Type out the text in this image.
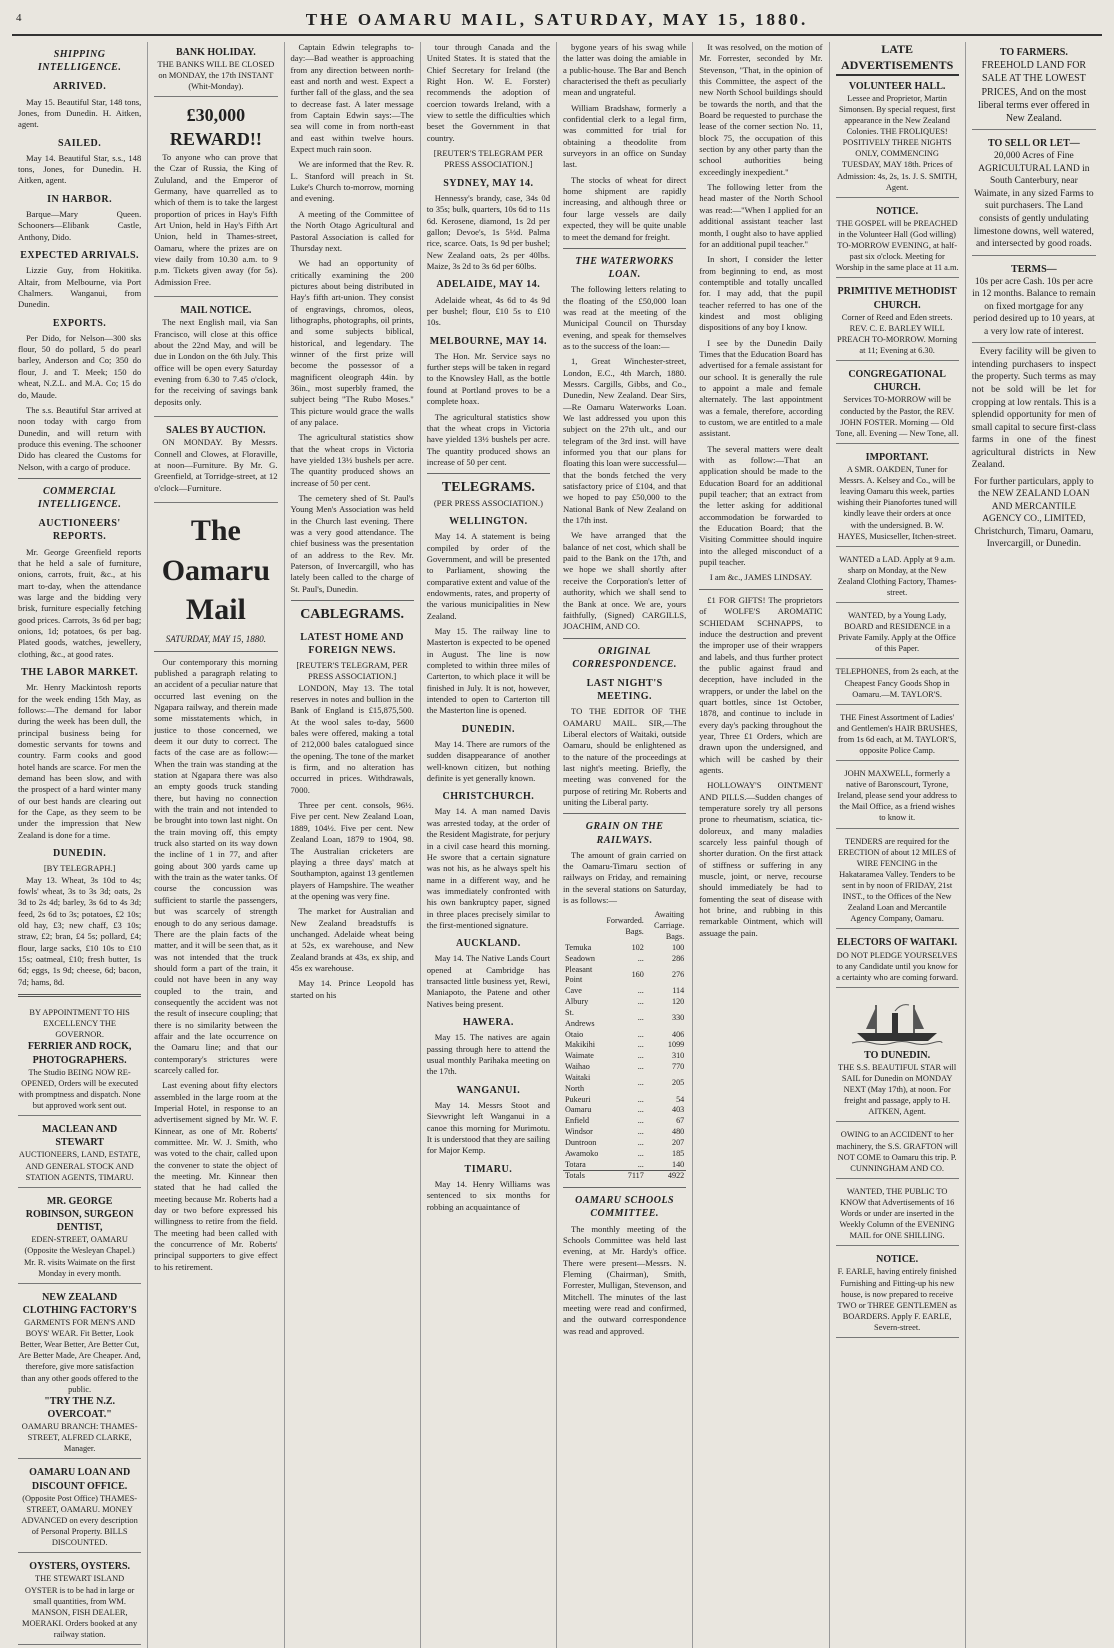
4	THE OAMARU MAIL, SATURDAY, MAY 15, 1880.
SHIPPING INTELLIGENCE.
ARRIVED.

May 15. Beautiful Star, 148 tons, Jones, from Dunedin. H. Aitken, agent.

SAILED.

May 14. Beautiful Star, s.s., 148 tons, Jones, for Dunedin. H. Aitken, agent.

IN HARBOR.

Barque—Mary Queen. Schooners—Elibank Castle, Anthony, Dido.

EXPECTED ARRIVALS.

Lizzie Guy, from Hokitika. Altair, from Melbourne, via Port Chalmers. Wanganui, from Dunedin.

EXPORTS.

Per Dido, for Nelson—300 sks flour, 50 do pollard, 5 do pearl barley, Anderson and Co; 350 do flour, J. and T. Meek; 150 do wheat, N.Z.L. and M.A. Co; 15 do do, Maude.

The s.s. Beautiful Star arrived at noon today with cargo from Dunedin, and will return with produce this evening. The schooner Dido has cleared the Customs for Nelson, with a cargo of produce.

COMMERCIAL INTELLIGENCE.
AUCTIONEERS' REPORTS.

Mr. George Greenfield reports that he held a sale of furniture, onions, carrots, fruit, &c., at his mart to-day, when the attendance was large and the bidding very brisk, furniture especially fetching good prices. Carrots, 3s 6d per bag; onions, 1d; potatoes, 6s per bag. Plated goods, watches, jewellery, clothing, &c., at good rates.

THE LABOR MARKET.

Mr. Henry Mackintosh reports for the week ending 15th May, as follows:—The demand for labor during the week has been dull, the principal business being for domestic servants for towns and country. Farm cooks and good hotel hands are scarce. For men the demand has been slow, and with the prospect of a hard winter many of our best hands are clearing out for the Cape, as they seem to be under the impression that New Zealand is done for a time.

DUNEDIN.
[BY TELEGRAPH.]

May 13. Wheat, 3s 10d to 4s; fowls' wheat, 3s to 3s 3d; oats, 2s 3d to 2s 4d; barley, 3s 6d to 4s 3d; feed, 2s 6d to 3s; potatoes, £2 10s; old hay, £3; new chaff, £3 10s; straw, £2; bran, £4 5s; pollard, £4; flour, large sacks, £10 10s to £10 15s; oatmeal, £10; fresh butter, 1s 6d; eggs, 1s 9d; cheese, 6d; bacon, 7d; hams, 8d.

BY APPOINTMENT TO HIS EXCELLENCY THE GOVERNOR.
FERRIER AND ROCK, PHOTOGRAPHERS.
The Studio BEING NOW RE-OPENED, Orders will be executed with promptness and dispatch. None but approved work sent out.
MACLEAN AND STEWART
AUCTIONEERS, LAND, ESTATE, AND GENERAL STOCK AND STATION AGENTS, TIMARU.
MR. GEORGE ROBINSON, SURGEON DENTIST,
EDEN-STREET, OAMARU (Opposite the Wesleyan Chapel.) Mr. R. visits Waimate on the first Monday in every month.
NEW ZEALAND CLOTHING FACTORY'S
GARMENTS FOR MEN'S AND BOYS' WEAR. Fit Better, Look Better, Wear Better, Are Better Cut, Are Better Made, Are Cheaper. And, therefore, give more satisfaction than any other goods offered to the public.
"TRY THE N.Z. OVERCOAT."
OAMARU BRANCH: THAMES-STREET, ALFRED CLARKE, Manager.
OAMARU LOAN AND DISCOUNT OFFICE.
(Opposite Post Office) THAMES-STREET, OAMARU. MONEY ADVANCED on every description of Personal Property. BILLS DISCOUNTED.
OYSTERS, OYSTERS.
THE STEWART ISLAND OYSTER is to be had in large or small quantities, from WM. MANSON, FISH DEALER, MOERAKI. Orders booked at any railway station.
BANK HOLIDAY.
THE BANKS WILL BE CLOSED on MONDAY, the 17th INSTANT (Whit-Monday).
£30,000 REWARD!!

To anyone who can prove that the Czar of Russia, the King of Zululand, and the Emperor of Germany, have quarrelled as to which of them is to take the largest proportion of prices in Hay's Fifth Art Union, held in Hay's Fifth Art Union, held in Thames-street, Oamaru, where the prizes are on view daily from 10.30 a.m. to 9 p.m. Tickets given away (for 5s). Admission Free.

MAIL NOTICE.

The next English mail, via San Francisco, will close at this office about the 22nd May, and will be due in London on the 6th July. This office will be open every Saturday evening from 6.30 to 7.45 o'clock, for the receiving of savings bank deposits only.

SALES BY AUCTION.

ON MONDAY. By Messrs. Connell and Clowes, at Floraville, at noon—Furniture. By Mr. G. Greenfield, at Torridge-street, at 12 o'clock—Furniture.

The Oamaru Mail
SATURDAY, MAY 15, 1880.

Our contemporary this morning published a paragraph relating to an accident of a peculiar nature that occurred last evening on the Ngapara railway, and therein made some misstatements which, in justice to those concerned, we deem it our duty to correct. The facts of the case are as follow:—When the train was standing at the station at Ngapara there was also an empty goods truck standing there, but having no connection with the train and not intended to be brought into town last night. On the train moving off, this empty truck also started on its way down the incline of 1 in 77, and after going about 300 yards came up with the train as the water tanks. Of course the concussion was sufficient to startle the passengers, but was scarcely of strength enough to do any serious damage. There are the plain facts of the matter, and it will be seen that, as it was not intended that the truck should form a part of the train, it could not have been in any way coupled to the train, and consequently the accident was not the result of insecure coupling; that there is no similarity between the affair and the late occurrence on the Oamaru line; and that our contemporary's strictures were scarcely called for.

Last evening about fifty electors assembled in the large room at the Imperial Hotel, in response to an advertisement signed by Mr. W. F. Kinnear, as one of Mr. Roberts' committee. Mr. W. J. Smith, who was voted to the chair, called upon the convener to state the object of the meeting. Mr. Kinnear then stated that he had called the meeting because Mr. Roberts had a day or two before expressed his willingness to retire from the field. The meeting had been called with the concurrence of Mr. Roberts' principal supporters to give effect to his retirement.

Captain Edwin telegraphs to-day:—Bad weather is approaching from any direction between north-east and north and west. Expect a further fall of the glass, and the sea to decrease fast. A later message from Captain Edwin says:—The sea will come in from north-east and east within twelve hours. Expect much rain soon.

We are informed that the Rev. R. L. Stanford will preach in St. Luke's Church to-morrow, morning and evening.

A meeting of the Committee of the North Otago Agricultural and Pastoral Association is called for Thursday next.

We had an opportunity of critically examining the 200 pictures about being distributed in Hay's fifth art-union. They consist of engravings, chromos, oleos, lithographs, photographs, oil prints, and some subjects biblical, historical, and legendary. The winner of the first prize will become the possessor of a magnificent oleograph 44in. by 36in., most superbly framed, the subject being "The Rubo Moses." This picture would grace the walls of any palace.

The agricultural statistics show that the wheat crops in Victoria have yielded 13½ bushels per acre. The quantity produced shows an increase of 50 per cent.

The cemetery shed of St. Paul's Young Men's Association was held in the Church last evening. There was a very good attendance. The chief business was the presentation of an address to the Rev. Mr. Paterson, of Invercargill, who has lately been called to the charge of St. Paul's, Dunedin.

CABLEGRAMS.
LATEST HOME AND FOREIGN NEWS.
[REUTER'S TELEGRAM, PER PRESS ASSOCIATION.]

LONDON, May 13. The total reserves in notes and bullion in the Bank of England is £15,875,500. At the wool sales to-day, 5600 bales were offered, making a total of 212,000 bales catalogued since the opening. The tone of the market is firm, and no alteration has occurred in prices. Withdrawals, 7000.

Three per cent. consols, 96½. Five per cent. New Zealand Loan, 1889, 104½. Five per cent. New Zealand Loan, 1879 to 1904, 98. The Australian cricketers are playing a three days' match at Southampton, against 13 gentlemen players of Hampshire. The weather at the opening was very fine.

The market for Australian and New Zealand breadstuffs is unchanged. Adelaide wheat being at 52s, ex warehouse, and New Zealand brands at 43s, ex ship, and 45s ex warehouse.

May 14. Prince Leopold has started on his

tour through Canada and the United States. It is stated that the Chief Secretary for Ireland (the Right Hon. W. E. Forster) recommends the adoption of coercion towards Ireland, with a view to settle the difficulties which beset the Government in that country.

[REUTER'S TELEGRAM PER PRESS ASSOCIATION.]
SYDNEY, MAY 14.

Hennessy's brandy, case, 34s 0d to 35s; bulk, quarters, 10s 6d to 11s 6d. Kerosene, diamond, 1s 2d per gallon; Devoe's, 1s 5½d. Palma rice, scarce. Oats, 1s 9d per bushel; New Zealand oats, 2s per 40lbs. Maize, 3s 2d to 3s 6d per 60lbs.

ADELAIDE, MAY 14.

Adelaide wheat, 4s 6d to 4s 9d per bushel; flour, £10 5s to £10 10s.

MELBOURNE, MAY 14.

The Hon. Mr. Service says no further steps will be taken in regard to the Knowsley Hall, as the bottle found at Portland proves to be a complete hoax.

The agricultural statistics show that the wheat crops in Victoria have yielded 13½ bushels per acre. The quantity produced shows an increase of 50 per cent.

TELEGRAMS.
(PER PRESS ASSOCIATION.)
WELLINGTON.

May 14. A statement is being compiled by order of the Government, and will be presented to Parliament, showing the comparative extent and value of the endowments, rates, and property of the various municipalities in New Zealand.

May 15. The railway line to Masterton is expected to be opened in August. The line is now completed to within three miles of Carterton, to which place it will be finished in July. It is not, however, intended to open to Carterton till the Masterton line is opened.

DUNEDIN.

May 14. There are rumors of the sudden disappearance of another well-known citizen, but nothing definite is yet generally known.

CHRISTCHURCH.

May 14. A man named Davis was arrested today, at the order of the Resident Magistrate, for perjury in a civil case heard this morning. He swore that a certain signature was not his, as he always spelt his name in a different way, and he was immediately confronted with his own bankruptcy paper, signed in three places precisely similar to the first-mentioned signature.

AUCKLAND.

May 14. The Native Lands Court opened at Cambridge has transacted little business yet, Rewi, Maniapoto, the Patene and other Natives being present.

HAWERA.

May 15. The natives are again passing through here to attend the usual monthly Parihaka meeting on the 17th.

WANGANUI.

May 14. Messrs Stoot and Sievwright left Wanganui in a canoe this morning for Murimotu. It is understood that they are sailing for Major Kemp.

TIMARU.

May 14. Henry Williams was sentenced to six months for robbing an acquaintance of

bygone years of his swag while the latter was doing the amiable in a public-house. The Bar and Bench characterised the theft as peculiarly mean and ungrateful.

William Bradshaw, formerly a confidential clerk to a legal firm, was committed for trial for obtaining a theodolite from surveyors in an office on Sunday last.

The stocks of wheat for direct home shipment are rapidly increasing, and although three or four large vessels are daily expected, they will be quite unable to meet the demand for freight.

THE WATERWORKS LOAN.

The following letters relating to the floating of the £50,000 loan was read at the meeting of the Municipal Council on Thursday evening, and speak for themselves as to the success of the loan:—

1, Great Winchester-street, London, E.C., 4th March, 1880. Messrs. Cargills, Gibbs, and Co., Dunedin, New Zealand. Dear Sirs,—Re Oamaru Waterworks Loan. We last addressed you upon this subject on the 27th ult., and our telegram of the 3rd inst. will have informed you that our plans for floating this loan were successful—that the bonds fetched the very satisfactory price of £104, and that we hoped to pay £50,000 to the National Bank of New Zealand on the 17th inst.

We have arranged that the balance of net cost, which shall be paid to the Bank on the 17th, and we hope we shall shortly after receive the Corporation's letter of authority, which we shall send to the Bank at once. We are, yours faithfully, (Signed) CARGILLS, JOACHIM, AND CO.

ORIGINAL CORRESPONDENCE.
LAST NIGHT'S MEETING.

TO THE EDITOR OF THE OAMARU MAIL. SIR,—The Liberal electors of Waitaki, outside Oamaru, should be enlightened as to the nature of the proceedings at last night's meeting. Briefly, the meeting was convened for the purpose of retiring Mr. Roberts and uniting the Liberal party.

GRAIN ON THE RAILWAYS.

The amount of grain carried on the Oamaru-Timaru section of railways on Friday, and remaining in the several stations on Saturday, is as follows:—

	Forwarded. Bags.	Awaiting Carriage. Bags.
Temuka	102	100
Seadown	...	286
Pleasant Point	160	276
Cave	...	114
Albury	...	120
St. Andrews	...	330
Otaio	...	406
Makikihi	...	1099
Waimate	...	310
Waihao	...	770
Waitaki North	...	205
Pukeuri	...	54
Oamaru	...	403
Enfield	...	67
Windsor	...	480
Duntroon	...	207
Awamoko	...	185
Totara	...	140
Totals	7117	4922
OAMARU SCHOOLS COMMITTEE.

The monthly meeting of the Schools Committee was held last evening, at Mr. Hardy's office. There were present—Messrs. N. Fleming (Chairman), Smith, Forrester, Mulligan, Stevenson, and Mitchell. The minutes of the last meeting were read and confirmed, and the outward correspondence was read and approved.

It was resolved, on the motion of Mr. Forrester, seconded by Mr. Stevenson, "That, in the opinion of this Committee, the aspect of the new North School buildings should be towards the north, and that the Board be requested to purchase the lease of the corner section No. 11, block 75, the occupation of this section by any other party than the school authorities being exceedingly inexpedient."

The following letter from the head master of the North School was read:—"When I applied for an additional assistant teacher last month, I ought also to have applied for an additional pupil teacher."

In short, I consider the letter from beginning to end, as most contemptible and totally uncalled for. I may add, that the pupil teacher referred to has one of the kindest and most obliging dispositions of any boy I know.

I see by the Dunedin Daily Times that the Education Board has advertised for a female assistant for our school. It is generally the rule to appoint a male and female alternately. The last appointment was a female, therefore, according to custom, we are entitled to a male assistant.

The several matters were dealt with as follow:—That an application should be made to the Education Board for an additional pupil teacher; that an extract from the letter asking for additional accommodation be forwarded to the Education Board; that the Visiting Committee should inquire into the alleged misconduct of a pupil teacher.

I am &c., JAMES LINDSAY.

£1 FOR GIFTS! The proprietors of WOLFE'S AROMATIC SCHIEDAM SCHNAPPS, to induce the destruction and prevent the improper use of their wrappers and labels, and thus further protect the public against fraud and deception, have included in the wrappers, or under the label on the quart bottles, since 1st October, 1878, and continue to include in every day's packing throughout the year, Three £1 Orders, which are drawn upon the undersigned, and which will be cashed by their agents.

HOLLOWAY'S OINTMENT AND PILLS.—Sudden changes of temperature sorely try all persons prone to rheumatism, sciatica, tic-doloreux, and many maladies scarcely less painful though of shorter duration. On the first attack of stiffness or suffering in any muscle, joint, or nerve, recourse should immediately be had to fomenting the seat of disease with hot brine, and rubbing in this remarkable Ointment, which will assuage the pain.

LATE ADVERTISEMENTS
VOLUNTEER HALL.
Lessee and Proprietor, Martin Simonsen. By special request, first appearance in the New Zealand Colonies. THE FROLIQUES! POSITIVELY THREE NIGHTS ONLY, COMMENCING TUESDAY, MAY 18th. Prices of Admission: 4s, 2s, 1s. J. S. SMITH, Agent.
NOTICE.
THE GOSPEL will be PREACHED in the Volunteer Hall (God willing) TO-MORROW EVENING, at half-past six o'clock. Meeting for Worship in the same place at 11 a.m.
PRIMITIVE METHODIST CHURCH.
Corner of Reed and Eden streets. REV. C. E. BARLEY WILL PREACH TO-MORROW. Morning at 11; Evening at 6.30.
CONGREGATIONAL CHURCH.
Services TO-MORROW will be conducted by the Pastor, the REV. JOHN FOSTER. Morning — Old Tone, all. Evening — New Tone, all.
IMPORTANT.
A SMR. OAKDEN, Tuner for Messrs. A. Kelsey and Co., will be leaving Oamaru this week, parties wishing their Pianofortes tuned will kindly leave their orders at once with the undersigned. B. W. HAYES, Musicseller, Itchen-street.
WANTED a LAD. Apply at 9 a.m. sharp on Monday, at the New Zealand Clothing Factory, Thames-street.
WANTED, by a Young Lady, BOARD and RESIDENCE in a Private Family. Apply at the Office of this Paper.
TELEPHONES, from 2s each, at the Cheapest Fancy Goods Shop in Oamaru.—M. TAYLOR'S.
THE Finest Assortment of Ladies' and Gentlemen's HAIR BRUSHES, from 1s 6d each, at M. TAYLOR'S, opposite Police Camp.
JOHN MAXWELL, formerly a native of Baronscourt, Tyrone, Ireland, please send your address to the Mail Office, as a friend wishes to know it.
TENDERS are required for the ERECTION of about 12 MILES of WIRE FENCING in the Hakataramea Valley. Tenders to be sent in by noon of FRIDAY, 21st INST., to the Offices of the New Zealand Loan and Mercantile Agency Company, Oamaru.
ELECTORS OF WAITAKI.
DO NOT PLEDGE YOURSELVES to any Candidate until you know for a certainty who are coming forward.
TO DUNEDIN.
THE S.S. BEAUTIFUL STAR will SAIL for Dunedin on MONDAY NEXT (May 17th), at noon. For freight and passage, apply to H. AITKEN, Agent.
OWING to an ACCIDENT to her machinery, the S.S. GRAFTON will NOT COME to Oamaru this trip. P. CUNNINGHAM AND CO.
WANTED, THE PUBLIC TO KNOW that Advertisements of 16 Words or under are inserted in the Weekly Column of the EVENING MAIL for ONE SHILLING.
NOTICE.
F. EARLE, having entirely finished Furnishing and Fitting-up his new house, is now prepared to receive TWO or THREE GENTLEMEN as BOARDERS. Apply F. EARLE, Severn-street.
TO FARMERS.
FREEHOLD LAND FOR SALE AT THE LOWEST PRICES, And on the most liberal terms ever offered in New Zealand.
TO SELL OR LET—
20,000 Acres of Fine AGRICULTURAL LAND in South Canterbury, near Waimate, in any sized Farms to suit purchasers. The Land consists of gently undulating limestone downs, well watered, and intersected by good roads.
TERMS—
10s per acre Cash. 10s per acre in 12 months. Balance to remain on fixed mortgage for any period desired up to 10 years, at a very low rate of interest.

Every facility will be given to intending purchasers to inspect the property. Such terms as may not be sold will be let for cropping at low rentals. This is a splendid opportunity for men of small capital to secure first-class farms in one of the finest agricultural districts in New Zealand.

For further particulars, apply to the NEW ZEALAND LOAN AND MERCANTILE AGENCY CO., LIMITED, Christchurch, Timaru, Oamaru, Invercargill, or Dunedin.
